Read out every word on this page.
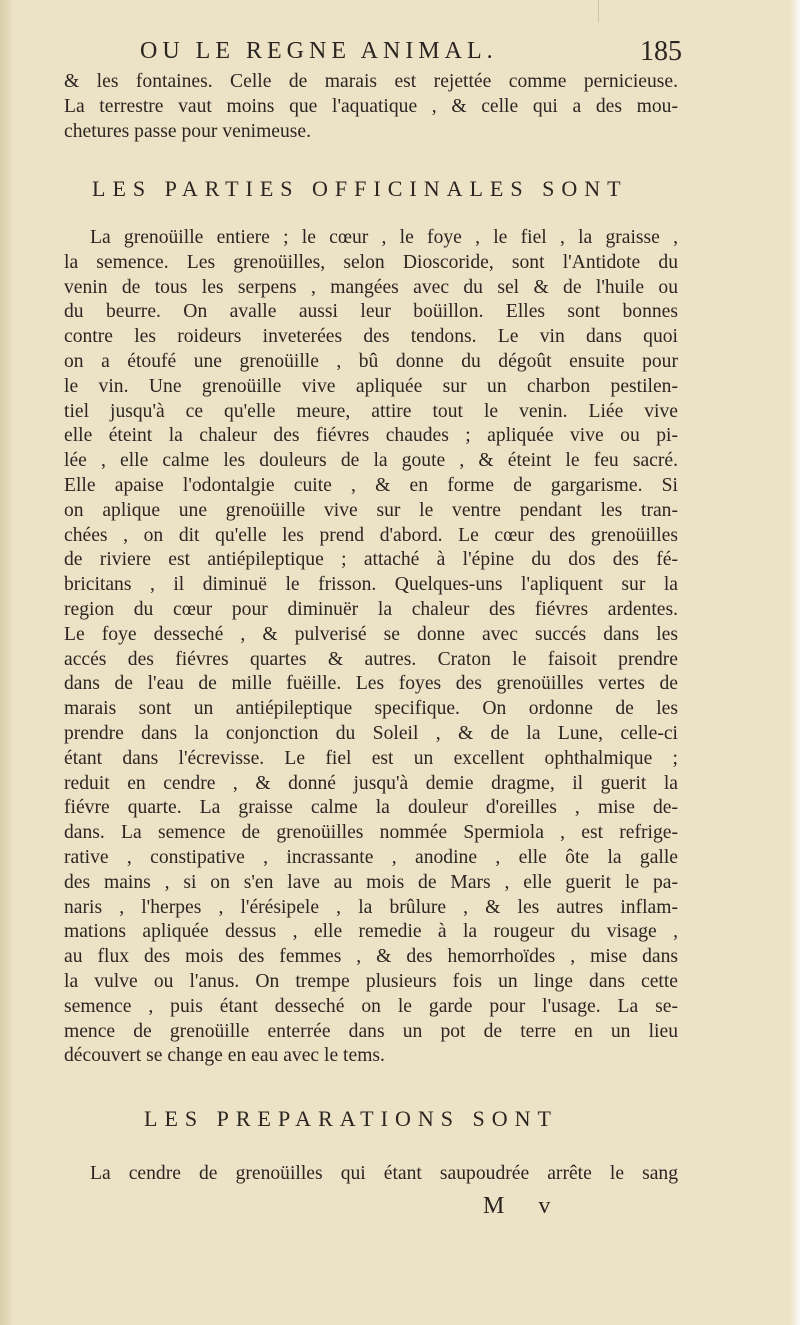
OU LE REGNE ANIMAL.	185
& les fontaines. Celle de marais est rejettée comme pernicieuse.
La terrestre vaut moins que l'aquatique , & celle qui a des mou-
chetures passe pour venimeuse.
LES PARTIES OFFICINALES SONT
La grenoüille entiere ; le cœur , le foye , le fiel , la graisse ,
la semence. Les grenoüilles, selon Dioscoride, sont l'Antidote du
venin de tous les serpens , mangées avec du sel & de l'huile ou
du beurre. On avalle aussi leur boüillon. Elles sont bonnes
contre les roideurs inveterées des tendons. Le vin dans quoi
on a étoufé une grenoüille , bû donne du dégoût ensuite pour
le vin. Une grenoüille vive apliquée sur un charbon pestilen-
tiel jusqu'à ce qu'elle meure, attire tout le venin. Liée vive
elle éteint la chaleur des fiévres chaudes ; apliquée vive ou pi-
lée , elle calme les douleurs de la goute , & éteint le feu sacré.
Elle apaise l'odontalgie cuite , & en forme de gargarisme. Si
on aplique une grenoüille vive sur le ventre pendant les tran-
chées , on dit qu'elle les prend d'abord. Le cœur des grenoüilles
de riviere est antiépileptique ; attaché à l'épine du dos des fé-
bricitans , il diminuë le frisson. Quelques-uns l'apliquent sur la
region du cœur pour diminuër la chaleur des fiévres ardentes.
Le foye desseché , & pulverisé se donne avec succés dans les
accés des fiévres quartes & autres. Craton le faisoit prendre
dans de l'eau de mille fuëille. Les foyes des grenoüilles vertes de
marais sont un antiépileptique specifique. On ordonne de les
prendre dans la conjonction du Soleil , & de la Lune, celle-ci
étant dans l'écrevisse. Le fiel est un excellent ophthalmique ;
reduit en cendre , & donné jusqu'à demie dragme, il guerit la
fiévre quarte. La graisse calme la douleur d'oreilles , mise de-
dans. La semence de grenoüilles nommée Spermiola , est refrige-
rative , constipative , incrassante , anodine , elle ôte la galle
des mains , si on s'en lave au mois de Mars , elle guerit le pa-
naris , l'herpes , l'érésipele , la brûlure , & les autres inflam-
mations apliquée dessus , elle remedie à la rougeur du visage ,
au flux des mois des femmes , & des hemorrhoïdes , mise dans
la vulve ou l'anus. On trempe plusieurs fois un linge dans cette
semence , puis étant desseché on le garde pour l'usage. La se-
mence de grenoüille enterrée dans un pot de terre en un lieu
découvert se change en eau avec le tems.
LES PREPARATIONS SONT
La cendre de grenoüilles qui étant saupoudrée arrête le sang
M v
